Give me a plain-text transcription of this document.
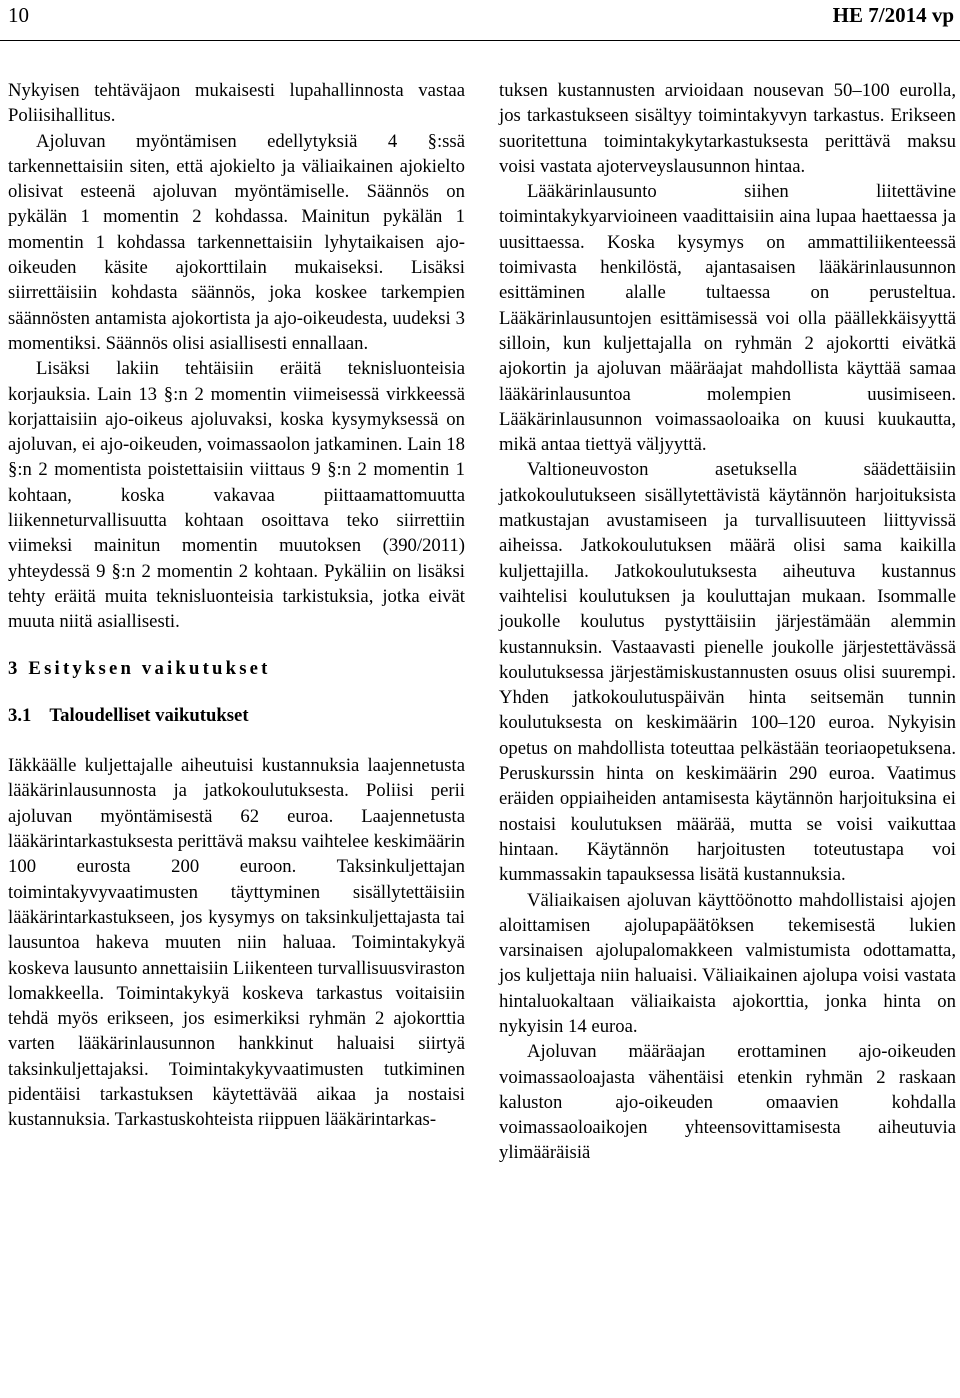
10	HE 7/2014 vp

Nykyisen tehtäväjaon mukaisesti lupahallinnosta vastaa Poliisihallitus.

Ajoluvan myöntämisen edellytyksiä 4 §:ssä tarkennettaisiin siten, että ajokielto ja väliaikainen ajokielto olisivat esteenä ajoluvan myöntämiselle. Säännös on pykälän 1 momentin 2 kohdassa. Mainitun pykälän 1 momentin 1 kohdassa tarkennettaisiin lyhytaikaisen ajo-oikeuden käsite ajokorttilain mukaiseksi. Lisäksi siirrettäisiin kohdasta säännös, joka koskee tarkempien säännösten antamista ajokortista ja ajo-oikeudesta, uudeksi 3 momentiksi. Säännös olisi asiallisesti ennallaan.

Lisäksi lakiin tehtäisiin eräitä teknisluonteisia korjauksia. Lain 13 §:n 2 momentin viimeisessä virkkeessä korjattaisiin ajo-oikeus ajoluvaksi, koska kysymyksessä on ajoluvan, ei ajo-oikeuden, voimassaolon jatkaminen. Lain 18 §:n 2 momentista poistettaisiin viittaus 9 §:n 2 momentin 1 kohtaan, koska vakavaa piittaamattomuutta liikenneturvallisuutta kohtaan osoittava teko siirrettiin viimeksi mainitun momentin muutoksen (390/2011) yhteydessä 9 §:n 2 momentin 2 kohtaan. Pykäliin on lisäksi tehty eräitä muita teknisluonteisia tarkistuksia, jotka eivät muuta niitä asiallisesti.

3 Esityksen vaikutukset
3.1 Taloudelliset vaikutukset

Iäkkäälle kuljettajalle aiheutuisi kustannuksia laajennetusta lääkärinlausunnosta ja jatkokoulutuksesta. Poliisi perii ajoluvan myöntämisestä 62 euroa. Laajennetusta lääkärintarkastuksesta perittävä maksu vaihtelee keskimäärin 100 eurosta 200 euroon. Taksinkuljettajan toimintakyvyvaatimusten täyttyminen sisällytettäisiin lääkärintarkastukseen, jos kysymys on taksinkuljettajasta tai lausuntoa hakeva muuten niin haluaa. Toimintakykyä koskeva lausunto annettaisiin Liikenteen turvallisuusviraston lomakkeella. Toimintakykyä koskeva tarkastus voitaisiin tehdä myös erikseen, jos esimerkiksi ryhmän 2 ajokorttia varten lääkärinlausunnon hankkinut haluaisi siirtyä taksinkuljettajaksi. Toimintakykyvaatimusten tutkiminen pidentäisi tarkastuksen käytettävää aikaa ja nostaisi kustannuksia. Tarkastuskohteista riippuen lääkärintarkas-

tuksen kustannusten arvioidaan nousevan 50–100 eurolla, jos tarkastukseen sisältyy toimintakyvyn tarkastus. Erikseen suoritettuna toimintakykytarkastuksesta perittävä maksu voisi vastata ajoterveyslausunnon hintaa.

Lääkärinlausunto siihen liitettävine toimintakykyarvioineen vaadittaisiin aina lupaa haettaessa ja uusittaessa. Koska kysymys on ammattiliikenteessä toimivasta henkilöstä, ajantasaisen lääkärinlausunnon esittäminen alalle tultaessa on perusteltua. Lääkärinlausuntojen esittämisessä voi olla päällekkäisyyttä silloin, kun kuljettajalla on ryhmän 2 ajokortti eivätkä ajokortin ja ajoluvan määräajat mahdollista käyttää samaa lääkärinlausuntoa molempien uusimiseen. Lääkärinlausunnon voimassaoloaika on kuusi kuukautta, mikä antaa tiettyä väljyyttä.

Valtioneuvoston asetuksella säädettäisiin jatkokoulutukseen sisällytettävistä käytännön harjoituksista matkustajan avustamiseen ja turvallisuuteen liittyvissä aiheissa. Jatkokoulutuksen määrä olisi sama kaikilla kuljettajilla. Jatkokoulutuksesta aiheutuva kustannus vaihtelisi koulutuksen ja kouluttajan mukaan. Isommalle joukolle koulutus pystyttäisiin järjestämään alemmin kustannuksin. Vastaavasti pienelle joukolle järjestettävässä koulutuksessa järjestämiskustannusten osuus olisi suurempi. Yhden jatkokoulutuspäivän hinta seitsemän tunnin koulutuksesta on keskimäärin 100–120 euroa. Nykyisin opetus on mahdollista toteuttaa pelkästään teoriaopetuksena. Peruskurssin hinta on keskimäärin 290 euroa. Vaatimus eräiden oppiaiheiden antamisesta käytännön harjoituksina ei nostaisi koulutuksen määrää, mutta se voisi vaikuttaa hintaan. Käytännön harjoitusten toteutustapa voi kummassakin tapauksessa lisätä kustannuksia.

Väliaikaisen ajoluvan käyttöönotto mahdollistaisi ajojen aloittamisen ajolupapäätöksen tekemisestä lukien varsinaisen ajolupalomakkeen valmistumista odottamatta, jos kuljettaja niin haluaisi. Väliaikainen ajolupa voisi vastata hintaluokaltaan väliaikaista ajokorttia, jonka hinta on nykyisin 14 euroa.

Ajoluvan määräajan erottaminen ajo-oikeuden voimassaoloajasta vähentäisi etenkin ryhmän 2 raskaan kaluston ajo-oikeuden omaavien kohdalla voimassaoloaikojen yhteensovittamisesta aiheutuvia ylimääräisiä
